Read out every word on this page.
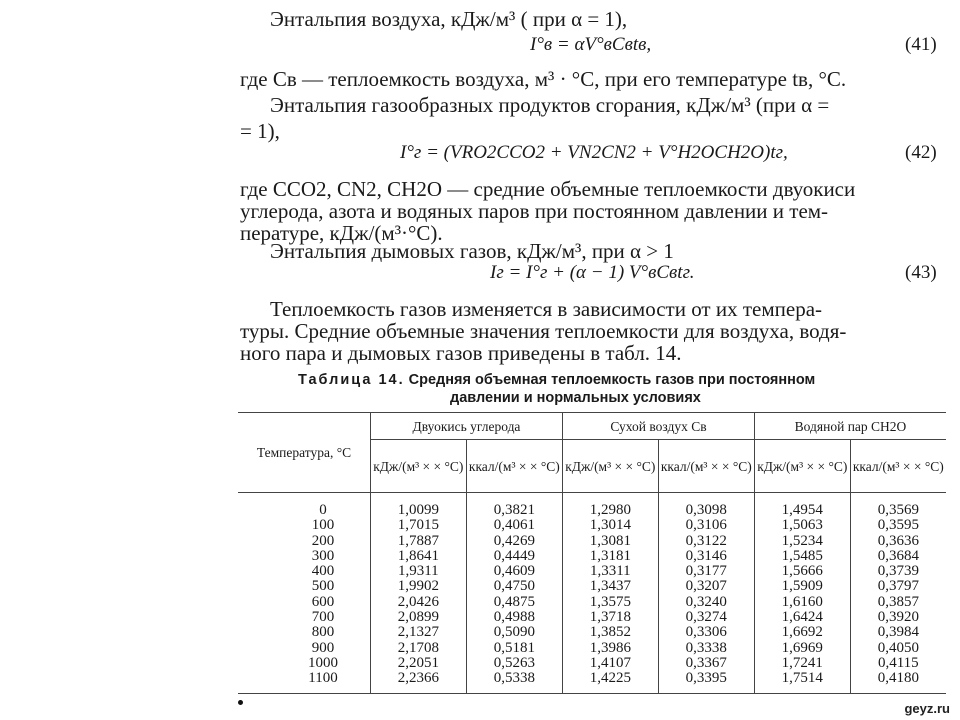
Энтальпия воздуха, кДж/м³ ( при α = 1),
I°в = αV°вCвtв,	(41)
где Cв — теплоемкость воздуха, м³ · °С, при его температуре tв, °С.
Энтальпия газообразных продуктов сгорания, кДж/м³ (при α =
= 1),
I°г = (VRO2CCO2 + VN2CN2 + V°H2OCH2O)tг,	(42)
где CCO2, CN2, CH2O — средние объемные теплоемкости двуокиси
углерода, азота и водяных паров при постоянном давлении и тем-
пературе, кДж/(м³·°С).
Энтальпия дымовых газов, кДж/м³, при α > 1
Iг = I°г + (α − 1) V°вCвtг.	(43)
Теплоемкость газов изменяется в зависимости от их темпера-
туры. Средние объемные значения теплоемкости для воздуха, водя-
ного пара и дымовых газов приведены в табл. 14.
Таблица 14. Средняя объемная теплоемкость газов при постоянном
давлении и нормальных условиях
Температура, °С	Двуокись углерода		Сухой воздух Cв		Водяной пар CH2O	
	кДж/(м³ × × °С)	ккал/(м³ × × °С)	кДж/(м³ × × °С)	ккал/(м³ × × °С)	кДж/(м³ × × °С)	ккал/(м³ × × °С)
0	1,0099	0,3821	1,2980	0,3098	1,4954	0,3569
100	1,7015	0,4061	1,3014	0,3106	1,5063	0,3595
200	1,7887	0,4269	1,3081	0,3122	1,5234	0,3636
300	1,8641	0,4449	1,3181	0,3146	1,5485	0,3684
400	1,9311	0,4609	1,3311	0,3177	1,5666	0,3739
500	1,9902	0,4750	1,3437	0,3207	1,5909	0,3797
600	2,0426	0,4875	1,3575	0,3240	1,6160	0,3857
700	2,0899	0,4988	1,3718	0,3274	1,6424	0,3920
800	2,1327	0,5090	1,3852	0,3306	1,6692	0,3984
900	2,1708	0,5181	1,3986	0,3338	1,6969	0,4050
1000	2,2051	0,5263	1,4107	0,3367	1,7241	0,4115
1100	2,2366	0,5338	1,4225	0,3395	1,7514	0,4180
geyz.ru
